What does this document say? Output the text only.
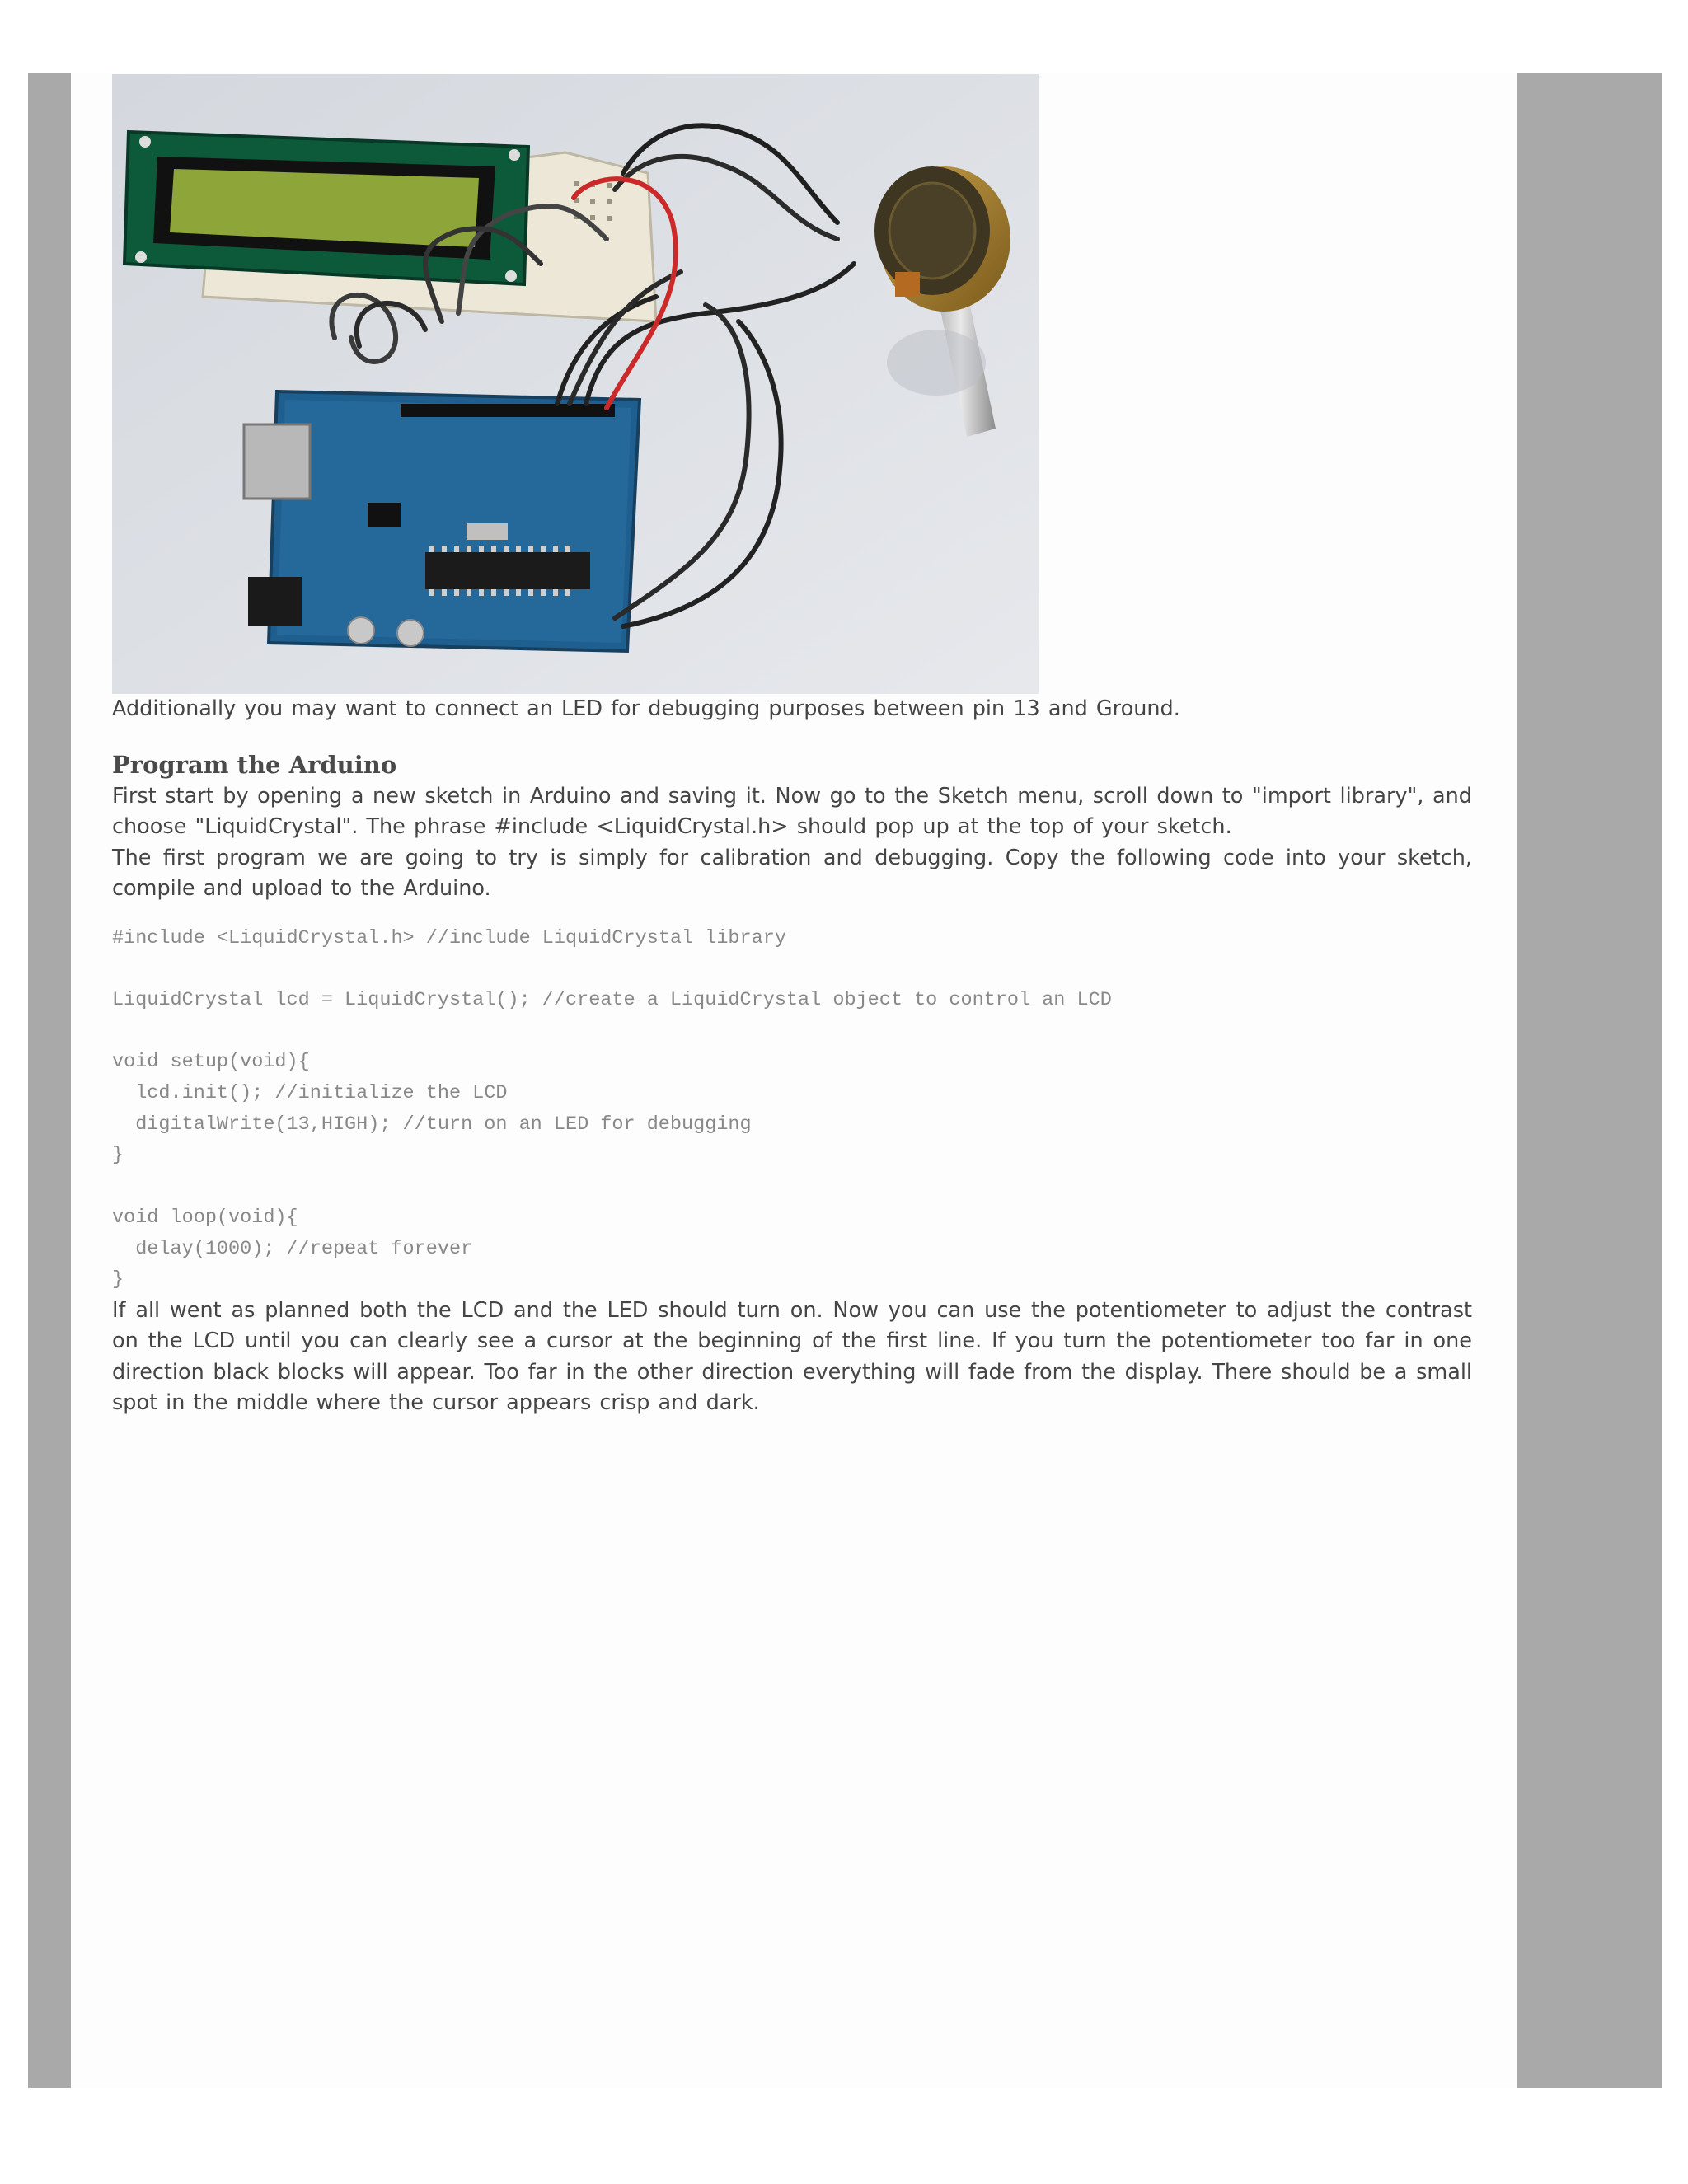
Additionally you may want to connect an LED for debugging purposes between pin 13 and Ground.

Program the Arduino

First start by opening a new sketch in Arduino and saving it. Now go to the Sketch menu, scroll down to "import library", and choose "LiquidCrystal". The phrase #include <LiquidCrystal.h> should pop up at the top of your sketch.

The first program we are going to try is simply for calibration and debugging. Copy the following code into your sketch, compile and upload to the Arduino.

#include <LiquidCrystal.h> //include LiquidCrystal library

LiquidCrystal lcd = LiquidCrystal(); //create a LiquidCrystal object to control an LCD

void setup(void){
lcd.init(); //initialize the LCD
digitalWrite(13,HIGH); //turn on an LED for debugging
}

void loop(void){
delay(1000); //repeat forever
}

If all went as planned both the LCD and the LED should turn on. Now you can use the potentiometer to adjust the contrast on the LCD until you can clearly see a cursor at the beginning of the first line. If you turn the potentiometer too far in one direction black blocks will appear. Too far in the other direction everything will fade from the display. There should be a small spot in the middle where the cursor appears crisp and dark.
